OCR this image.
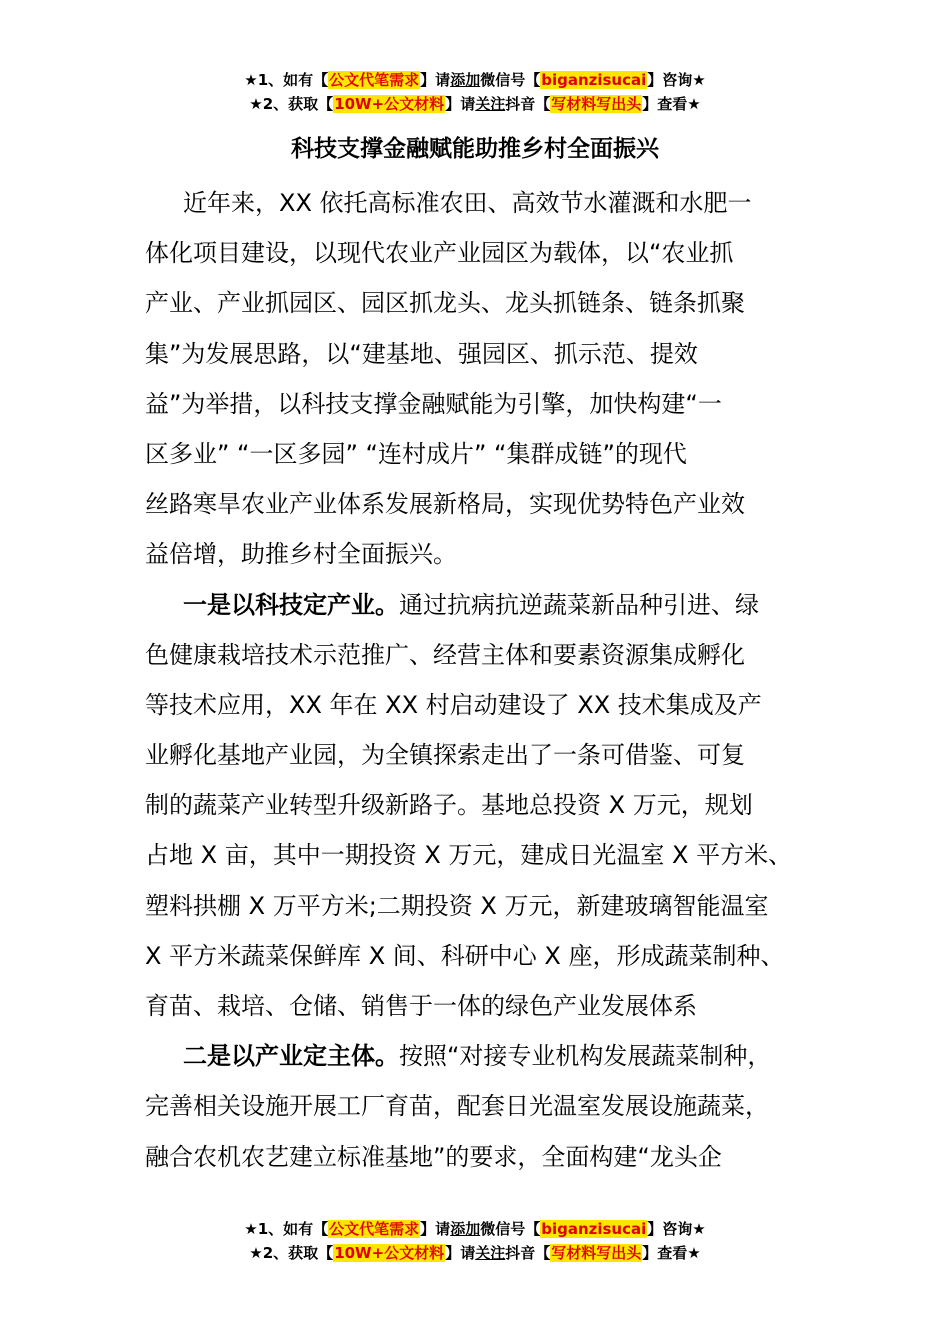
★1、如有【公文代笔需求】请添加微信号【biganzisucai】咨询★
★2、获取【10W+公文材料】请关注抖音【写材料写出头】查看★
科技支撑金融赋能助推乡村全面振兴
近年来，XX 依托高标准农田、高效节水灌溉和水肥一
体化项目建设，以现代农业产业园区为载体，以“农业抓
产业、产业抓园区、园区抓龙头、龙头抓链条、链条抓聚
集”为发展思路，以“建基地、强园区、抓示范、提效
益”为举措，以科技支撑金融赋能为引擎，加快构建“一
区多业” “一区多园” “连村成片” “集群成链”的现代
丝路寒旱农业产业体系发展新格局，实现优势特色产业效
益倍增，助推乡村全面振兴。
一是以科技定产业。通过抗病抗逆蔬菜新品种引进、绿
色健康栽培技术示范推广、经营主体和要素资源集成孵化
等技术应用，XX 年在 XX 村启动建设了 XX 技术集成及产
业孵化基地产业园，为全镇探索走出了一条可借鉴、可复
制的蔬菜产业转型升级新路子。基地总投资 X 万元，规划
占地 X 亩，其中一期投资 X 万元，建成日光温室 X 平方米、
塑料拱棚 X 万平方米;二期投资 X 万元，新建玻璃智能温室
X 平方米蔬菜保鲜库 X 间、科研中心 X 座，形成蔬菜制种、
育苗、栽培、仓储、销售于一体的绿色产业发展体系
二是以产业定主体。按照“对接专业机构发展蔬菜制种，
完善相关设施开展工厂育苗，配套日光温室发展设施蔬菜，
融合农机农艺建立标准基地”的要求，全面构建“龙头企
★1、如有【公文代笔需求】请添加微信号【biganzisucai】咨询★
★2、获取【10W+公文材料】请关注抖音【写材料写出头】查看★
